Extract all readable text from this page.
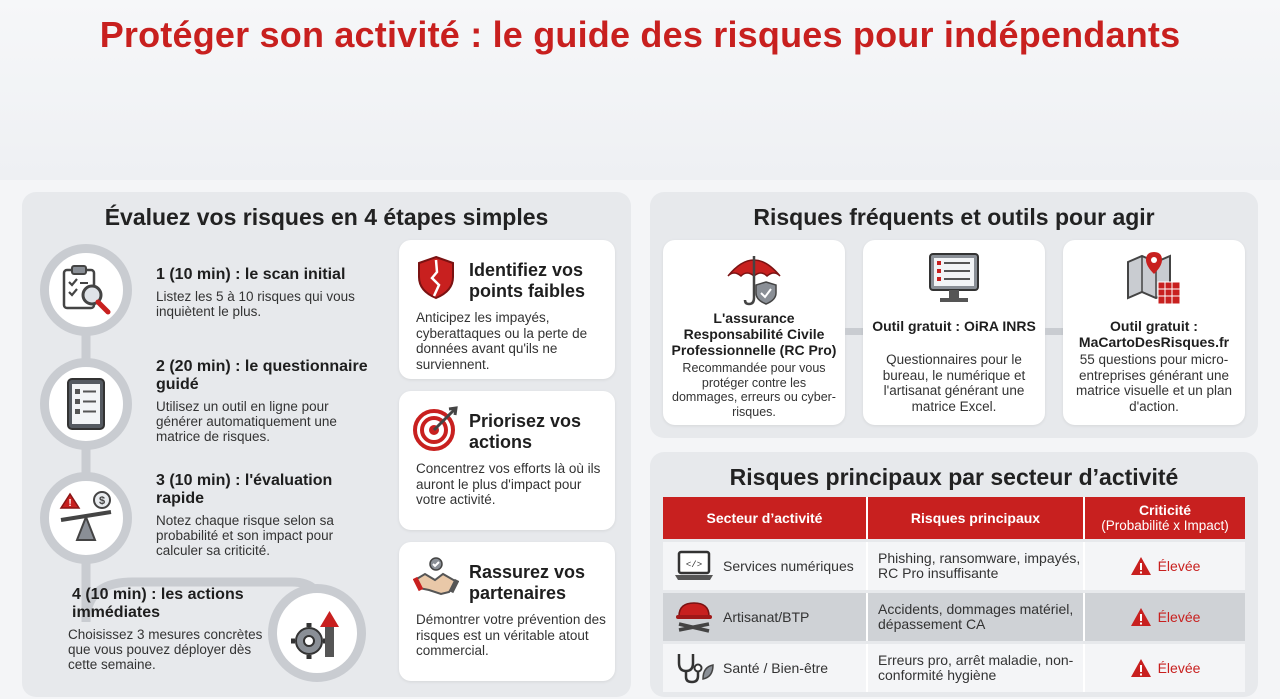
Protéger son activité : le guide des risques pour indépendants
Évaluez vos risques en 4 étapes simples
1 (10 min) : le scan initial
Listez les 5 à 10 risques qui vous inquiètent le plus.
2 (20 min) : le questionnaire guidé
Utilisez un outil en ligne pour générer automatiquement une matrice de risques.
! $
3 (10 min) : l'évaluation rapide
Notez chaque risque selon sa probabilité et son impact pour calculer sa criticité.
4 (10 min) : les actions immédiates
Choisissez 3 mesures concrètes que vous pouvez déployer dès cette semaine.
Identifiez vos points faibles
Anticipez les impayés, cyberattaques ou la perte de données avant qu'ils ne surviennent.
Priorisez vos actions
Concentrez vos efforts là où ils auront le plus d'impact pour votre activité.
Rassurez vos partenaires
Démontrer votre prévention des risques est un véritable atout commercial.
Risques fréquents et outils pour agir
L'assurance Responsabilité Civile Professionnelle (RC Pro)
Recommandée pour vous protéger contre les dommages, erreurs ou cyber-risques.
Outil gratuit : OiRA INRS
Questionnaires pour le bureau, le numérique et l'artisanat générant une matrice Excel.
Outil gratuit : MaCartoDesRisques.fr
55 questions pour micro-entreprises générant une matrice visuelle et un plan d'action.
Risques principaux par secteur d’activité
Secteur d’activité	Risques principaux	Criticité
(Probabilité x Impact)
</> Services numériques	Phishing, ransomware, impayés, RC Pro insuffisante	Élevée
Artisanat/BTP	Accidents, dommages matériel, dépassement CA	Élevée
Santé / Bien-être	Erreurs pro, arrêt maladie, non-conformité hygiène	Élevée
